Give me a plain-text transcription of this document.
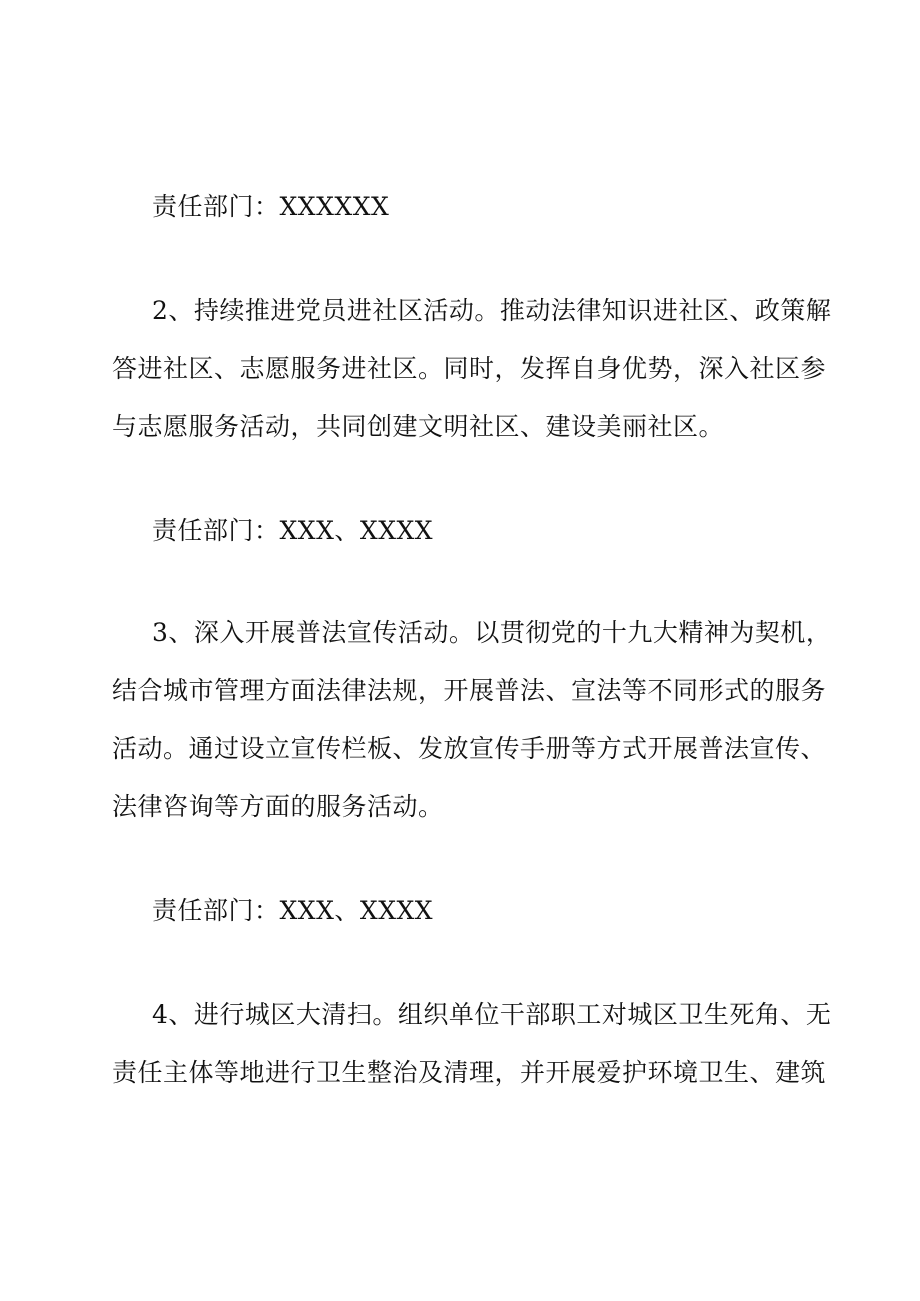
责任部门：XXXXXX
2、持续推进党员进社区活动。推动法律知识进社区、政策解
答进社区、志愿服务进社区。同时，发挥自身优势，深入社区参
与志愿服务活动，共同创建文明社区、建设美丽社区。
责任部门：XXX、XXXX
3、深入开展普法宣传活动。以贯彻党的十九大精神为契机，
结合城市管理方面法律法规，开展普法、宣法等不同形式的服务
活动。通过设立宣传栏板、发放宣传手册等方式开展普法宣传、
法律咨询等方面的服务活动。
责任部门：XXX、XXXX
4、进行城区大清扫。组织单位干部职工对城区卫生死角、无
责任主体等地进行卫生整治及清理，并开展爱护环境卫生、建筑
